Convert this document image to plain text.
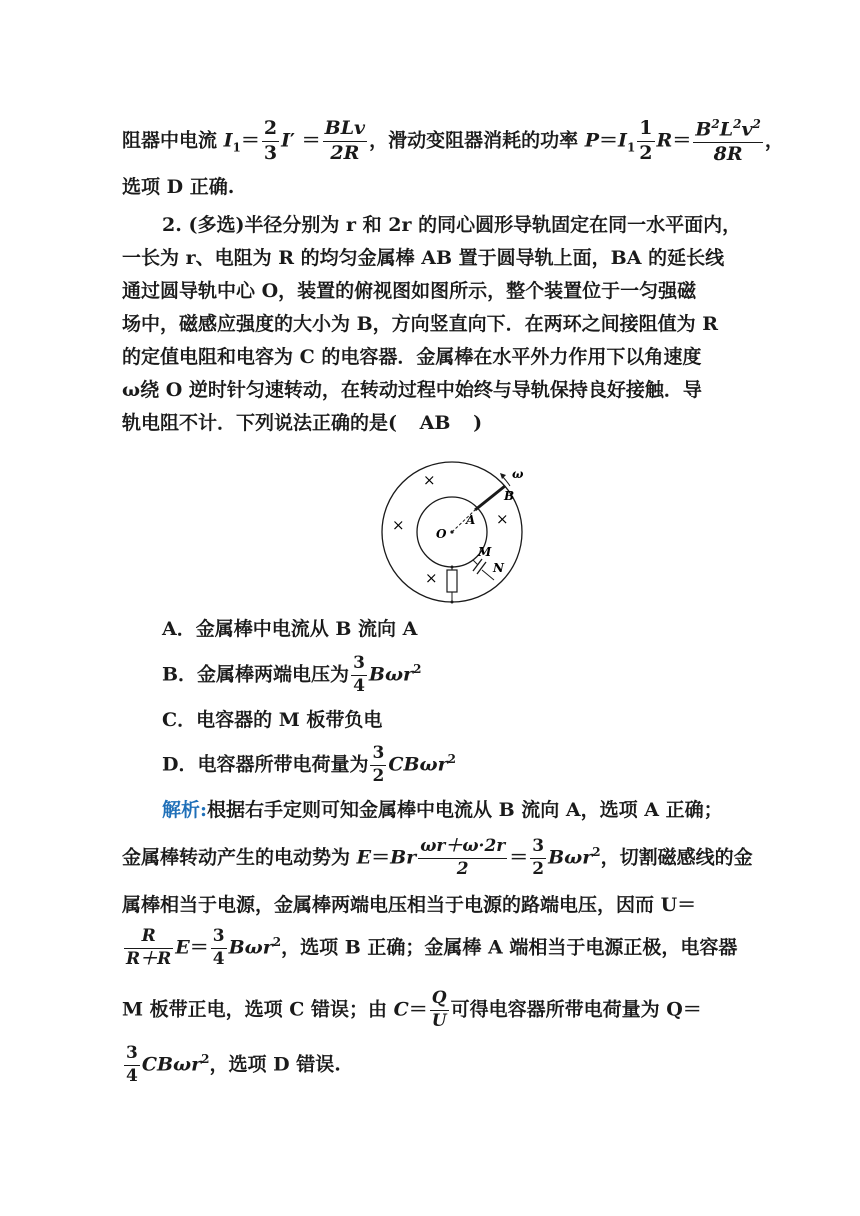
阻器中电流 $I_1= \frac{2}{3} I' = \frac{\text{BLv}}{2R}$ ，滑动变阻器消耗的功率 $P=I_1 \frac{1}{2} R= \frac{B^2L^2v^2}{8R}$ ，
选项 D 正确.
2. (多选)半径分别为 r 和 2r 的同心圆形导轨固定在同一水平面内，
一长为 r、电阻为 R 的均匀金属棒 AB 置于圆导轨上面，BA 的延长线
通过圆导轨中心 O，装置的俯视图如图所示，整个装置位于一匀强磁
场中，磁感应强度的大小为 B，方向竖直向下．在两环之间接阻值为 R
的定值电阻和电容为 C 的电容器．金属棒在水平外力作用下以角速度
ω绕 O 逆时针匀速转动，在转动过程中始终与导轨保持良好接触．导
轨电阻不计．下列说法正确的是( AB )
×
×	×
×
O
A
B
ω
M
N
A．金属棒中电流从 B 流向 A
B．金属棒两端电压为 $\frac{3}{4} B\omega r^2$
C．电容器的 M 板带负电
D．电容器所带电荷量为 $\frac{3}{2} CB\omega r^2$
解析:根据右手定则可知金属棒中电流从 B 流向 A，选项 A 正确；
金属棒转动产生的电动势为 $E=Br \frac{\omega r+\omega\cdot 2r}{2} = \frac{3}{2} B\omega r^2$，切割磁感线的金
属棒相当于电源，金属棒两端电压相当于电源的路端电压，因而 U＝
$\frac{R}{R+R} E= \frac{3}{4} B\omega r^2$，选项 B 正确；金属棒 A 端相当于电源正极，电容器
M 板带正电，选项 C 错误；由 $C= \frac{Q}{U}$ 可得电容器所带电荷量为 Q＝
$\frac{3}{4} CB\omega r^2$，选项 D 错误.
